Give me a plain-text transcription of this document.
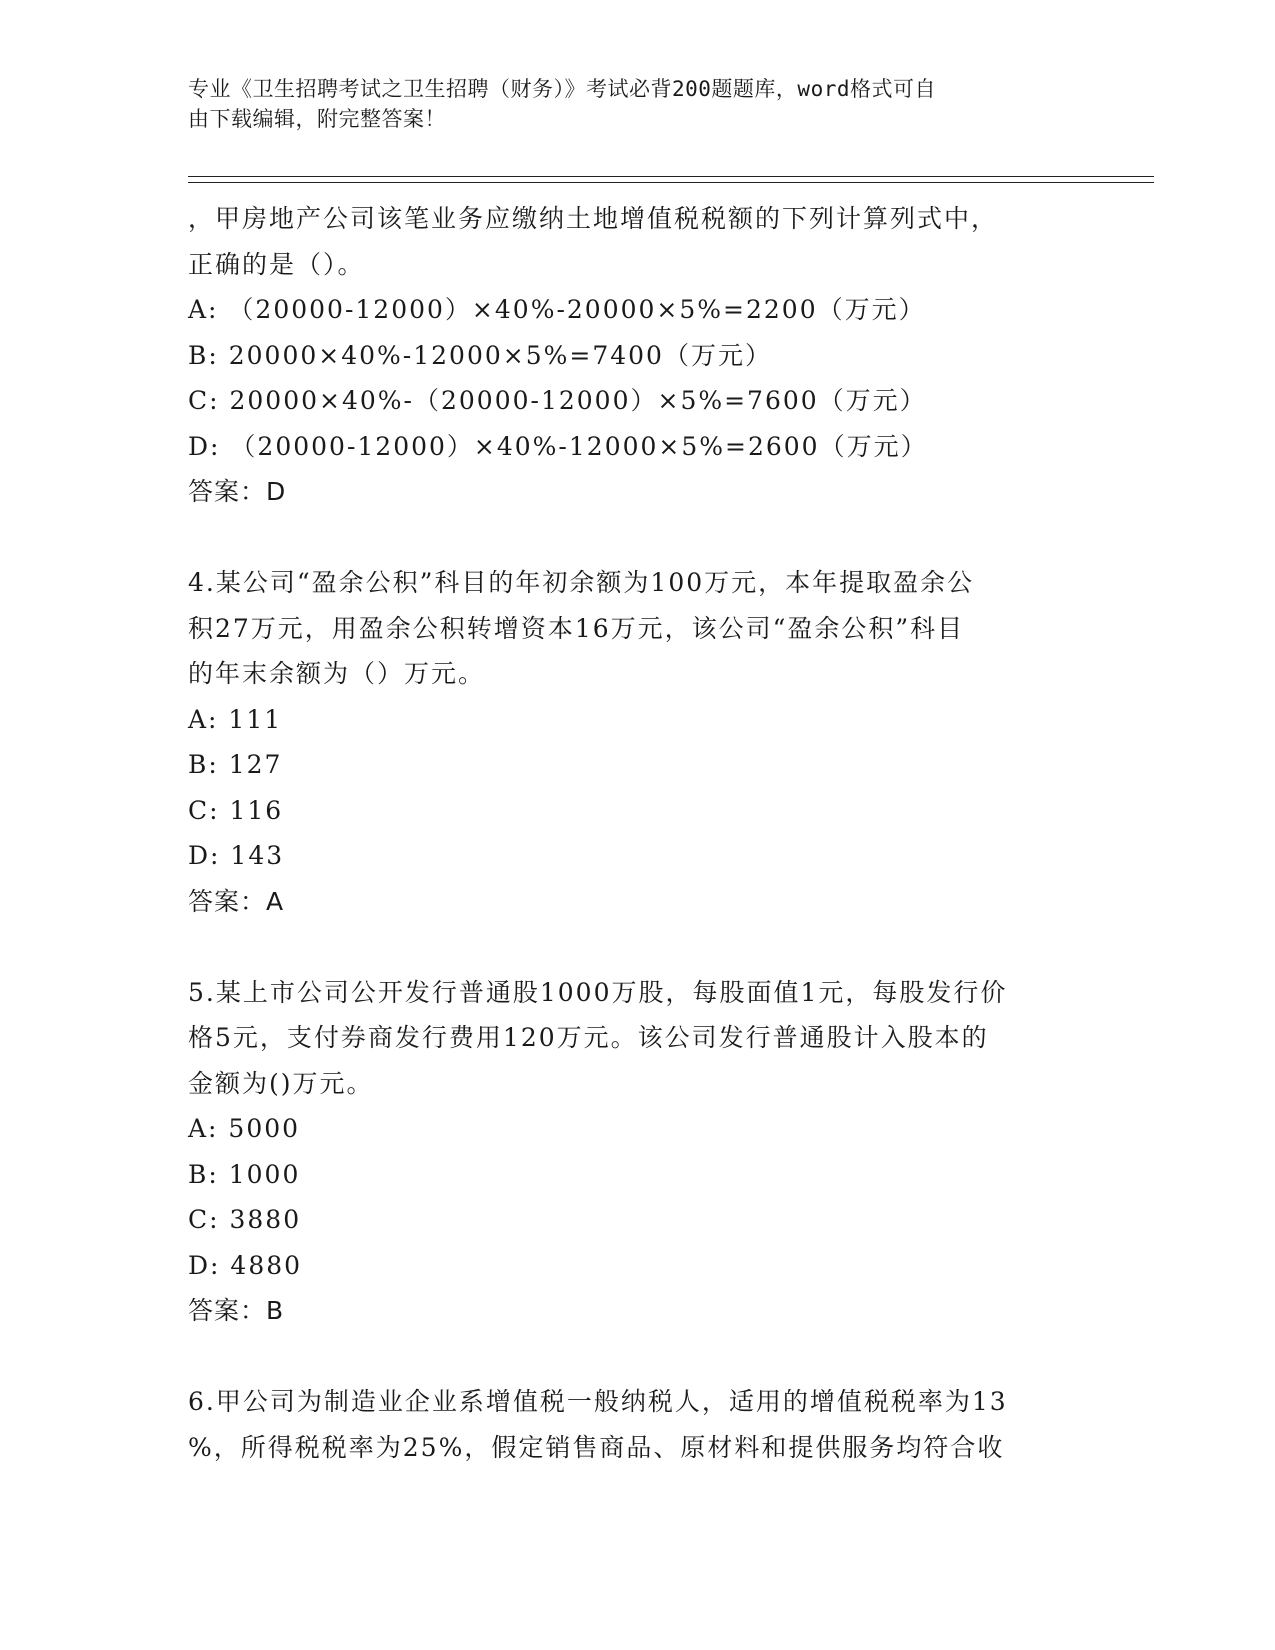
专业《卫生招聘考试之卫生招聘（财务）》考试必背200题题库，word格式可自
由下载编辑，附完整答案！

，甲房地产公司该笔业务应缴纳土地增值税税额的下列计算列式中，

正确的是（）。

A: （20000-12000）×40%-20000×5%=2200（万元）

B: 20000×40%-12000×5%=7400（万元）

C: 20000×40%-（20000-12000）×5%=7600（万元）

D: （20000-12000）×40%-12000×5%=2600（万元）

答案：D

4.某公司“盈余公积”科目的年初余额为100万元，本年提取盈余公

积27万元，用盈余公积转增资本16万元，该公司“盈余公积”科目

的年末余额为（）万元。

A: 111

B: 127

C: 116

D: 143

答案：A

5.某上市公司公开发行普通股1000万股，每股面值1元，每股发行价

格5元，支付券商发行费用120万元。该公司发行普通股计入股本的

金额为()万元。

A: 5000

B: 1000

C: 3880

D: 4880

答案：B

6.甲公司为制造业企业系增值税一般纳税人，适用的增值税税率为13

%，所得税税率为25%，假定销售商品、原材料和提供服务均符合收
